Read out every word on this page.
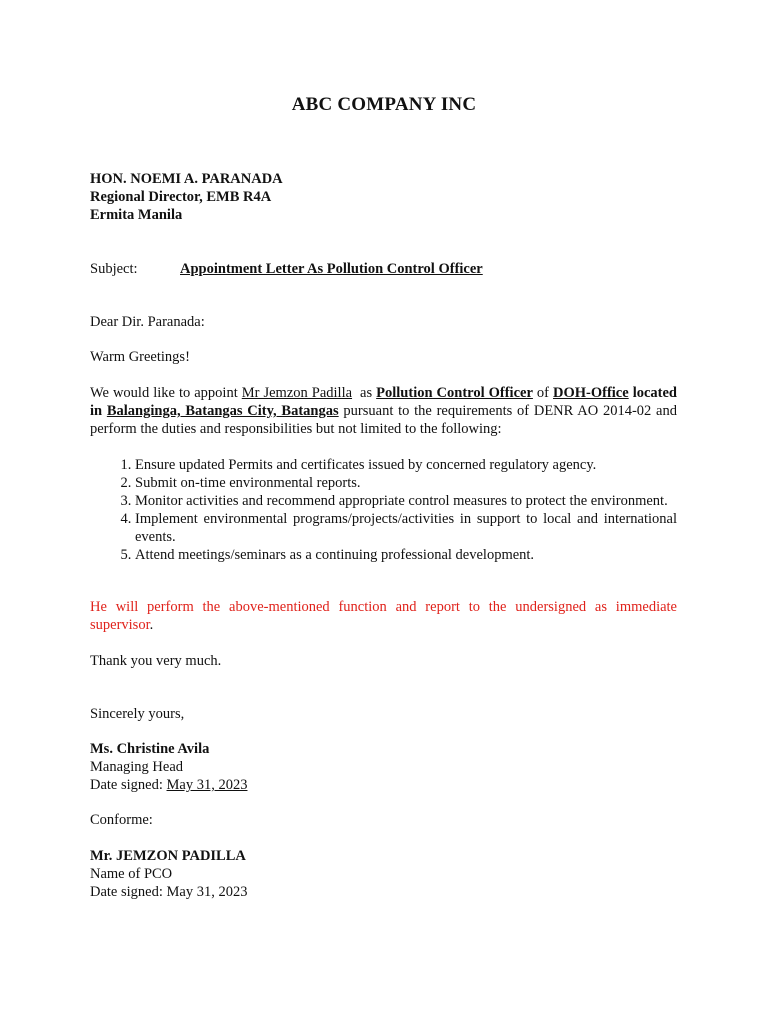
ABC COMPANY INC
HON. NOEMI A. PARANADA
Regional Director, EMB R4A
Ermita Manila
Subject:	Appointment Letter As Pollution Control Officer
Dear Dir. Paranada:
Warm Greetings!
We would like to appoint Mr Jemzon Padilla  as Pollution Control Officer of DOH-Office located in Balanginga, Batangas City, Batangas pursuant to the requirements of DENR AO 2014-02 and perform the duties and responsibilities but not limited to the following:
1. Ensure updated Permits and certificates issued by concerned regulatory agency.
2. Submit on-time environmental reports.
3. Monitor activities and recommend appropriate control measures to protect the environment.
4. Implement environmental programs/projects/activities in support to local and international events.
5. Attend meetings/seminars as a continuing professional development.
He will perform the above-mentioned function and report to the undersigned as immediate supervisor.
Thank you very much.
Sincerely yours,
Ms. Christine Avila
Managing Head
Date signed: May 31, 2023
Conforme:
Mr. JEMZON PADILLA
Name of PCO
Date signed: May 31, 2023
